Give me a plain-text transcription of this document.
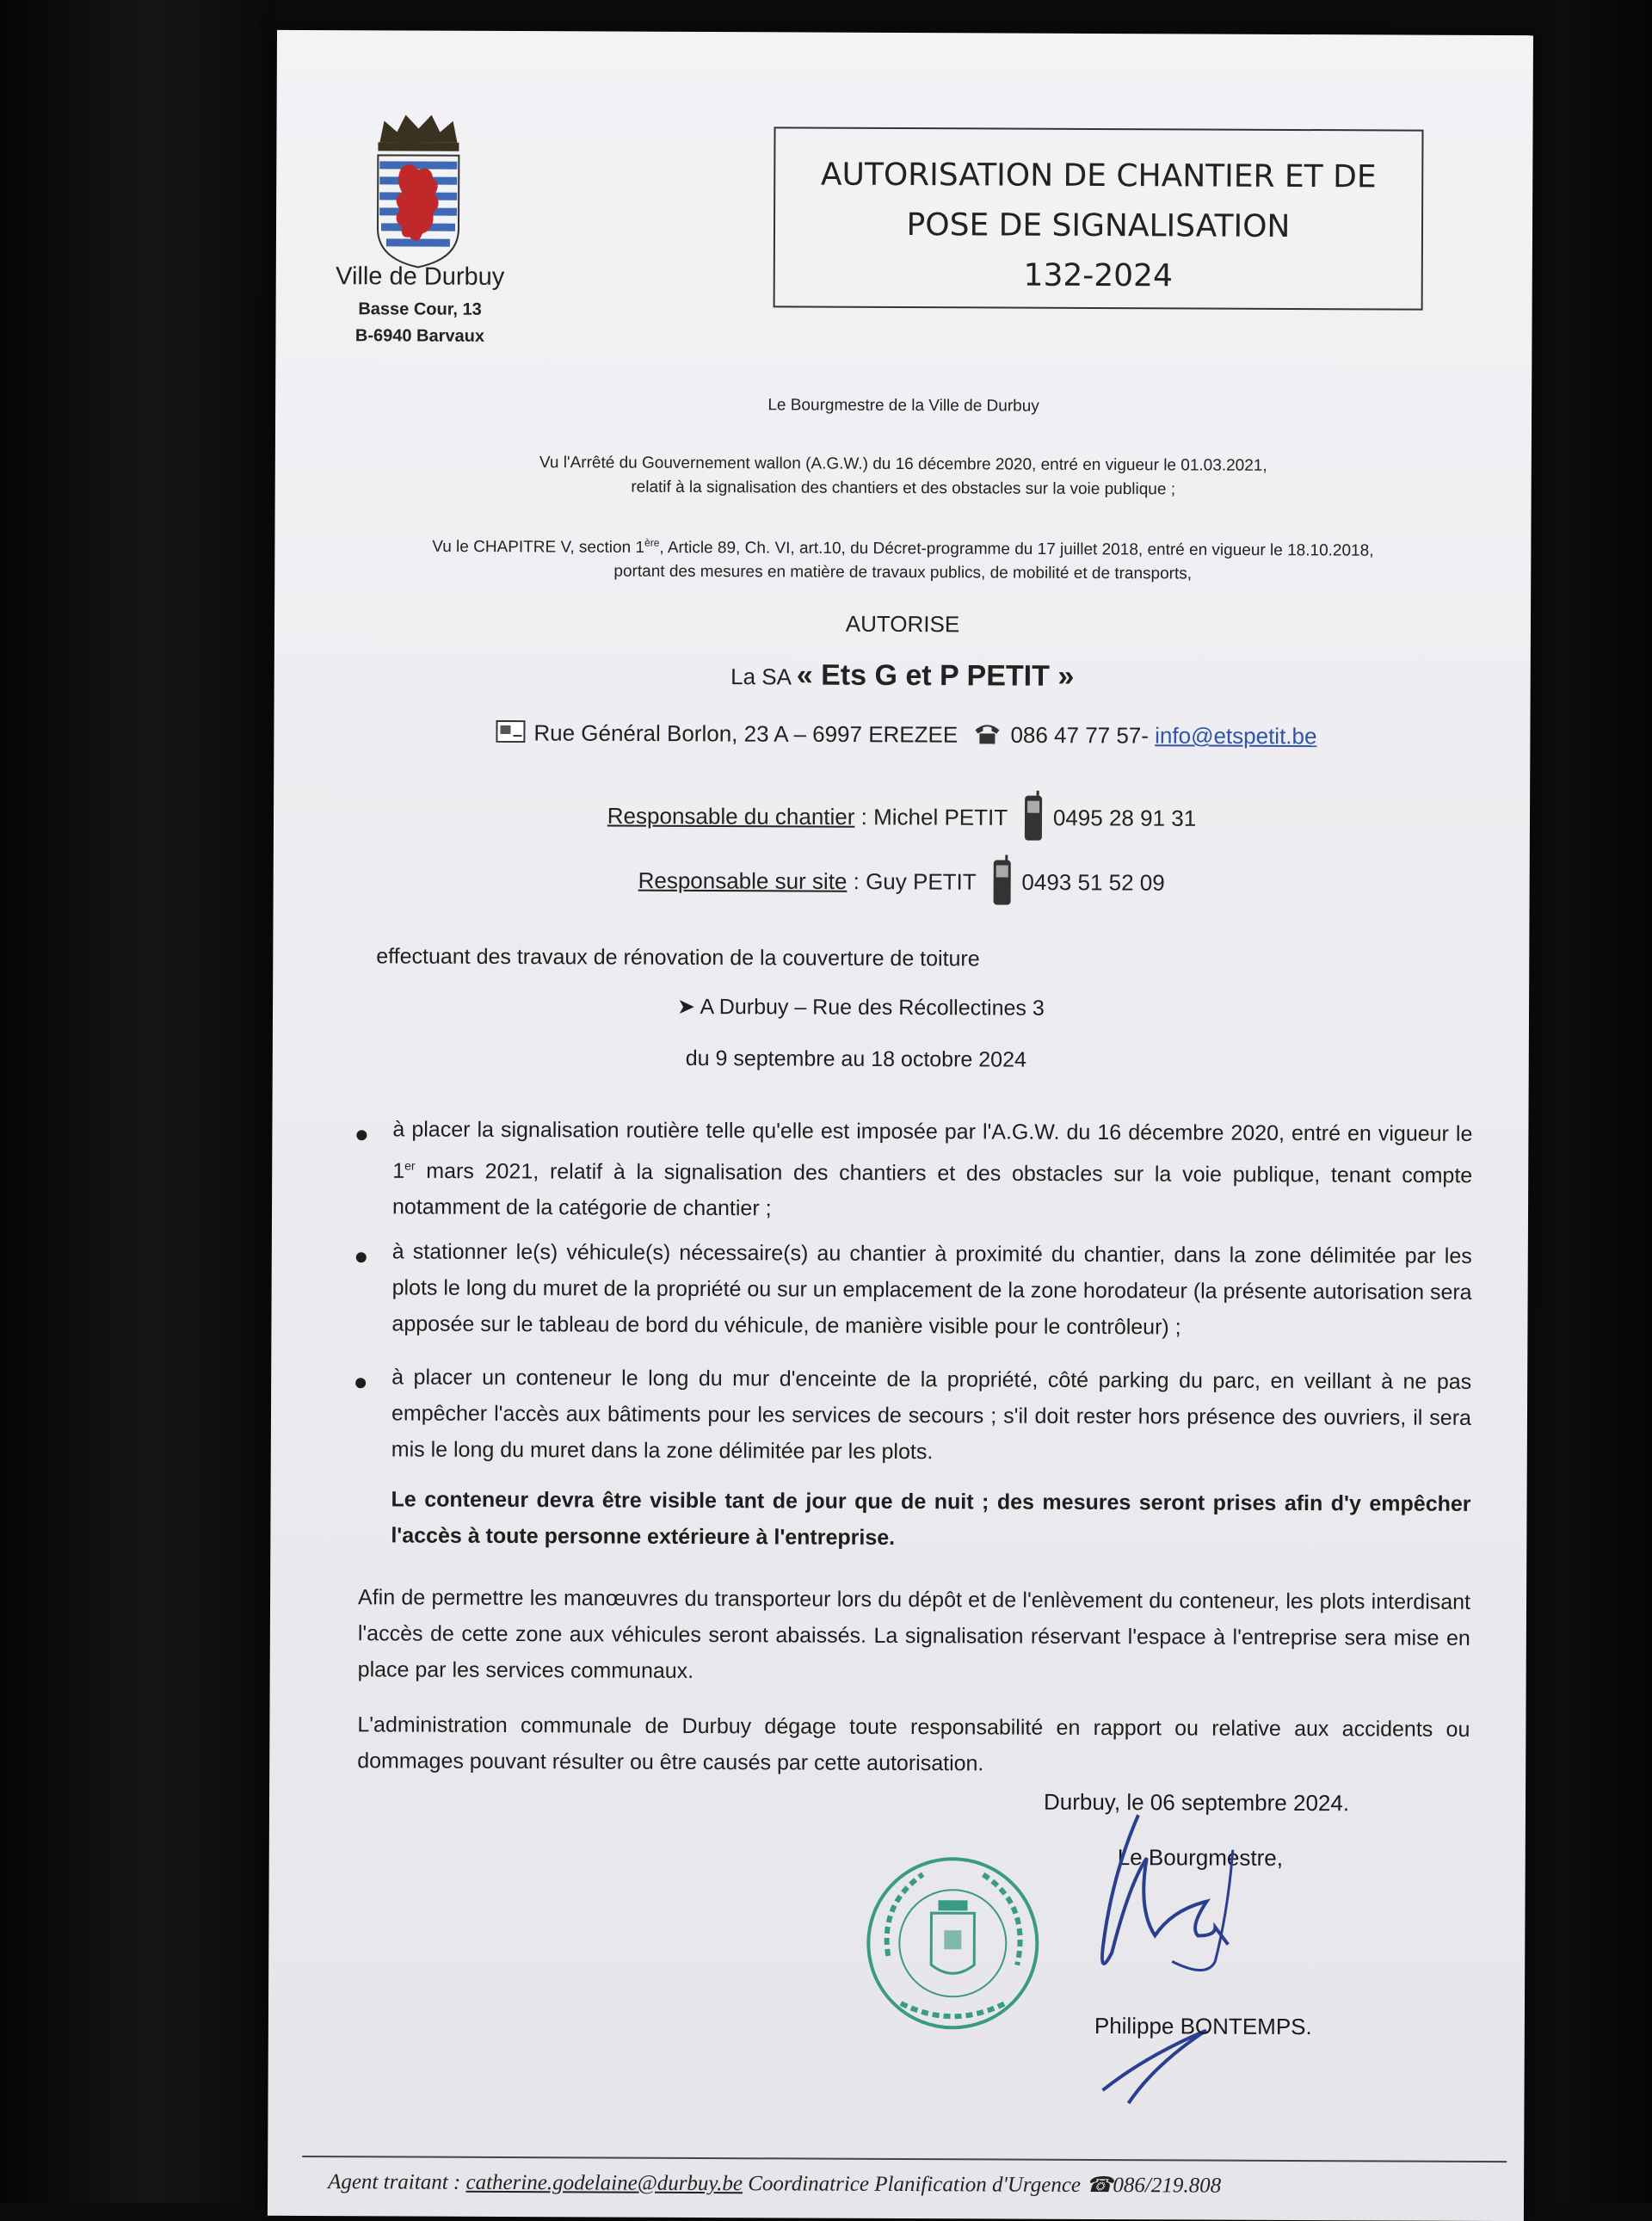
Ville de Durbuy
Basse Cour, 13
B-6940 Barvaux
AUTORISATION DE CHANTIER ET DE
POSE DE SIGNALISATION
132-2024
Le Bourgmestre de la Ville de Durbuy
Vu l'Arrêté du Gouvernement wallon (A.G.W.) du 16 décembre 2020, entré en vigueur le 01.03.2021,
relatif à la signalisation des chantiers et des obstacles sur la voie publique ;
Vu le CHAPITRE V, section 1ère, Article 89, Ch. VI, art.10, du Décret-programme du 17 juillet 2018, entré en vigueur le 18.10.2018,
portant des mesures en matière de travaux publics, de mobilité et de transports,
AUTORISE
La SA « Ets G et P PETIT »
Rue Général Borlon, 23 A – 6997 EREZEE 086 47 77 57- info@etspetit.be
Responsable du chantier : Michel PETIT 0495 28 91 31
Responsable sur site : Guy PETIT 0493 51 52 09
effectuant des travaux de rénovation de la couverture de toiture
➤ A Durbuy – Rue des Récollectines 3
du 9 septembre au 18 octobre 2024
à placer la signalisation routière telle qu'elle est imposée par l'A.G.W. du 16 décembre 2020, entré en vigueur le 1er mars 2021, relatif à la signalisation des chantiers et des obstacles sur la voie publique, tenant compte notamment de la catégorie de chantier ;
à stationner le(s) véhicule(s) nécessaire(s) au chantier à proximité du chantier, dans la zone délimitée par les plots le long du muret de la propriété ou sur un emplacement de la zone horodateur (la présente autorisation sera apposée sur le tableau de bord du véhicule, de manière visible pour le contrôleur) ;
à placer un conteneur le long du mur d'enceinte de la propriété, côté parking du parc, en veillant à ne pas empêcher l'accès aux bâtiments pour les services de secours ; s'il doit rester hors présence des ouvriers, il sera mis le long du muret dans la zone délimitée par les plots.
Le conteneur devra être visible tant de jour que de nuit ; des mesures seront prises afin d'y empêcher l'accès à toute personne extérieure à l'entreprise.
Afin de permettre les manœuvres du transporteur lors du dépôt et de l'enlèvement du conteneur, les plots interdisant l'accès de cette zone aux véhicules seront abaissés. La signalisation réservant l'espace à l'entreprise sera mise en place par les services communaux.
L'administration communale de Durbuy dégage toute responsabilité en rapport ou relative aux accidents ou dommages pouvant résulter ou être causés par cette autorisation.
Durbuy, le 06 septembre 2024.
Le Bourgmestre,
Philippe BONTEMPS.
Agent traitant : catherine.godelaine@durbuy.be Coordinatrice Planification d'Urgence ☎086/219.808
